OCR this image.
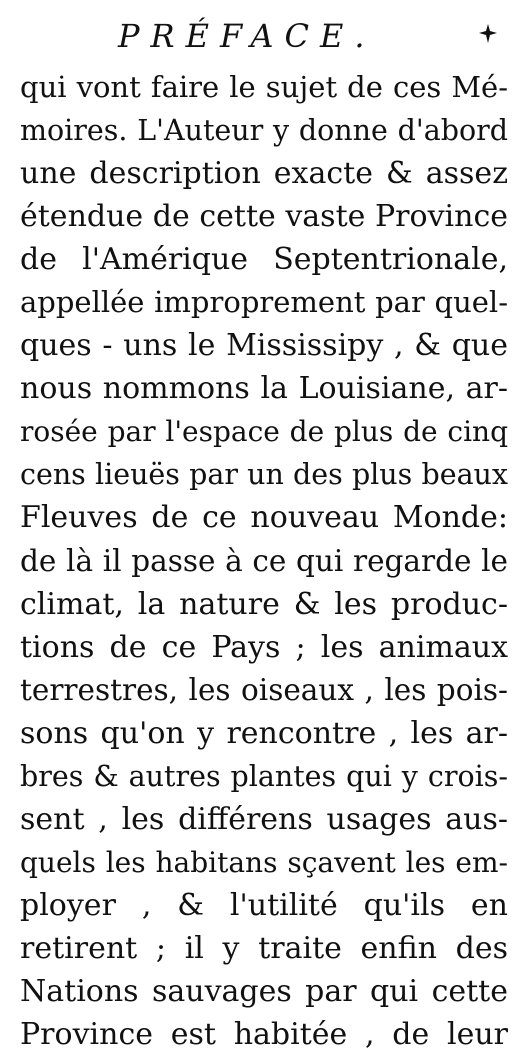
PRÉFACE.
qui vont faire le sujet de ces Mé-
moires. L'Auteur y donne d'abord
une description exacte & assez
étendue de cette vaste Province
de l'Amérique Septentrionale,
appellée improprement par quel-
ques - uns le Mississipy , & que
nous nommons la Louisiane, ar-
rosée par l'espace de plus de cinq
cens lieuës par un des plus beaux
Fleuves de ce nouveau Monde:
de là il passe à ce qui regarde le
climat, la nature & les produc-
tions de ce Pays ; les animaux
terrestres, les oiseaux , les pois-
sons qu'on y rencontre , les ar-
bres & autres plantes qui y crois-
sent , les différens usages aus-
quels les habitans sçavent les em-
ployer , & l'utilité qu'ils en
retirent ; il y traite enfin des
Nations sauvages par qui cette
Province est habitée , de leur
